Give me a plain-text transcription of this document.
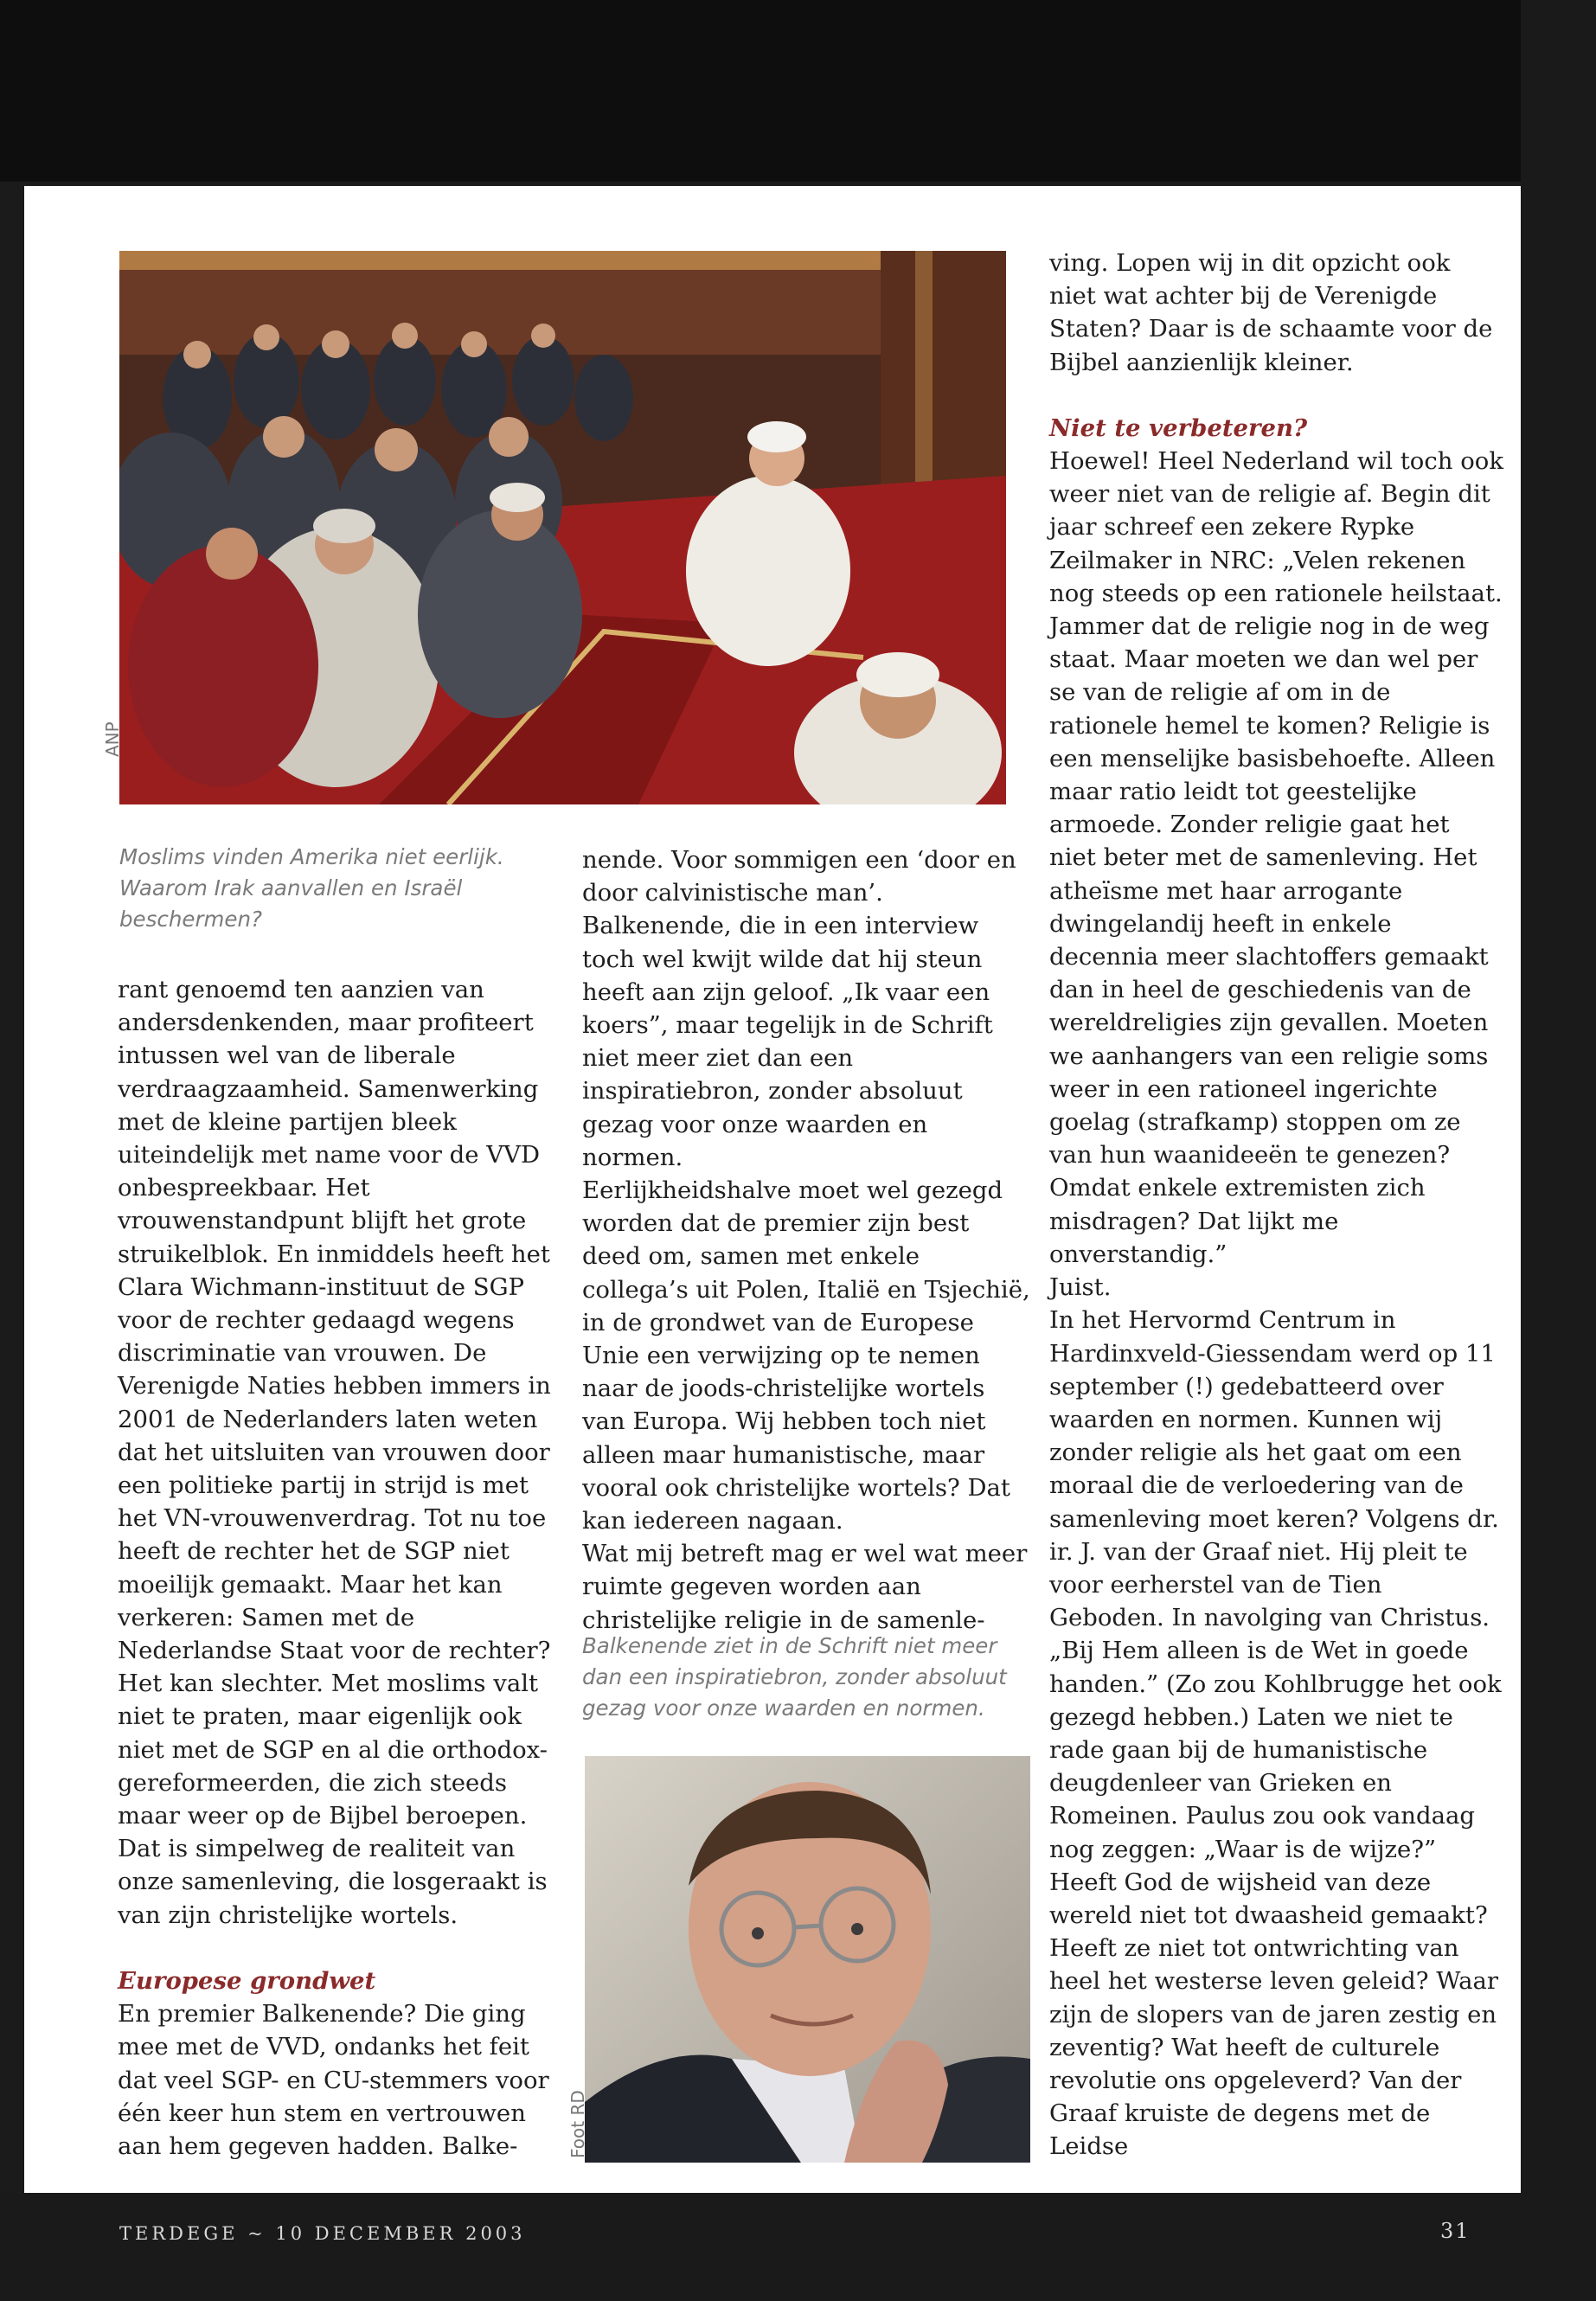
ANP

Moslims vinden Amerika niet eerlijk. Waarom Irak aanvallen en Israël beschermen?

rant genoemd ten aanzien van andersdenkenden, maar profiteert intussen wel van de liberale verdraagzaamheid. Samenwerking met de kleine partijen bleek uiteindelijk met name voor de VVD onbespreekbaar. Het vrouwenstandpunt blijft het grote struikelblok. En inmiddels heeft het Clara Wichmann-instituut de SGP voor de rechter gedaagd wegens discriminatie van vrouwen. De Verenigde Naties hebben immers in 2001 de Nederlanders laten weten dat het uitsluiten van vrouwen door een politieke partij in strijd is met het VN-vrouwenverdrag. Tot nu toe heeft de rechter het de SGP niet moeilijk gemaakt. Maar het kan verkeren: Samen met de Nederlandse Staat voor de rechter? Het kan slechter. Met moslims valt niet te praten, maar eigenlijk ook niet met de SGP en al die orthodox-gereformeerden, die zich steeds maar weer op de Bijbel beroepen. Dat is simpelweg de realiteit van onze samenleving, die losgeraakt is van zijn christelijke wortels.

Europese grondwet

En premier Balkenende? Die ging mee met de VVD, ondanks het feit dat veel SGP- en CU-stemmers voor één keer hun stem en vertrouwen aan hem gegeven hadden. Balke-

nende. Voor sommigen een ‘door en door calvinistische man’. Balkenende, die in een interview toch wel kwijt wilde dat hij steun heeft aan zijn geloof. „Ik vaar een koers”, maar tegelijk in de Schrift niet meer ziet dan een inspiratiebron, zonder absoluut gezag voor onze waarden en normen.

Eerlijkheidshalve moet wel gezegd worden dat de premier zijn best deed om, samen met enkele collega’s uit Polen, Italië en Tsjechië, in de grondwet van de Europese Unie een verwijzing op te nemen naar de joods-christelijke wortels van Europa. Wij hebben toch niet alleen maar humanistische, maar vooral ook christelijke wortels? Dat kan iedereen nagaan.

Wat mij betreft mag er wel wat meer ruimte gegeven worden aan christelijke religie in de samenle-

Balkenende ziet in de Schrift niet meer dan een inspiratiebron, zonder absoluut gezag voor onze waarden en normen.

Foot RD

ving. Lopen wij in dit opzicht ook niet wat achter bij de Verenigde Staten? Daar is de schaamte voor de Bijbel aanzienlijk kleiner.

Niet te verbeteren?

Hoewel! Heel Nederland wil toch ook weer niet van de religie af. Begin dit jaar schreef een zekere Rypke Zeilmaker in NRC: „Velen rekenen nog steeds op een rationele heilstaat. Jammer dat de religie nog in de weg staat. Maar moeten we dan wel per se van de religie af om in de rationele hemel te komen? Religie is een menselijke basisbehoefte. Alleen maar ratio leidt tot geestelijke armoede. Zonder religie gaat het niet beter met de samenleving. Het atheïsme met haar arrogante dwingelandij heeft in enkele decennia meer slachtoffers gemaakt dan in heel de geschiedenis van de wereldreligies zijn gevallen. Moeten we aanhangers van een religie soms weer in een rationeel ingerichte goelag (strafkamp) stoppen om ze van hun waanideeën te genezen? Omdat enkele extremisten zich misdragen? Dat lijkt me onverstandig.”

Juist.

In het Hervormd Centrum in Hardinxveld-Giessendam werd op 11 september (!) gedebatteerd over waarden en normen. Kunnen wij zonder religie als het gaat om een moraal die de verloedering van de samenleving moet keren? Volgens dr. ir. J. van der Graaf niet. Hij pleit te voor eerherstel van de Tien Geboden. In navolging van Christus. „Bij Hem alleen is de Wet in goede handen.” (Zo zou Kohlbrugge het ook gezegd hebben.) Laten we niet te rade gaan bij de humanistische deugdenleer van Grieken en Romeinen. Paulus zou ook vandaag nog zeggen: „Waar is de wijze?” Heeft God de wijsheid van deze wereld niet tot dwaasheid gemaakt? Heeft ze niet tot ontwrichting van heel het westerse leven geleid? Waar zijn de slopers van de jaren zestig en zeventig? Wat heeft de culturele revolutie ons opgeleverd? Van der Graaf kruiste de degens met de Leidse

TERDEGE ~ 10 DECEMBER 2003	31
